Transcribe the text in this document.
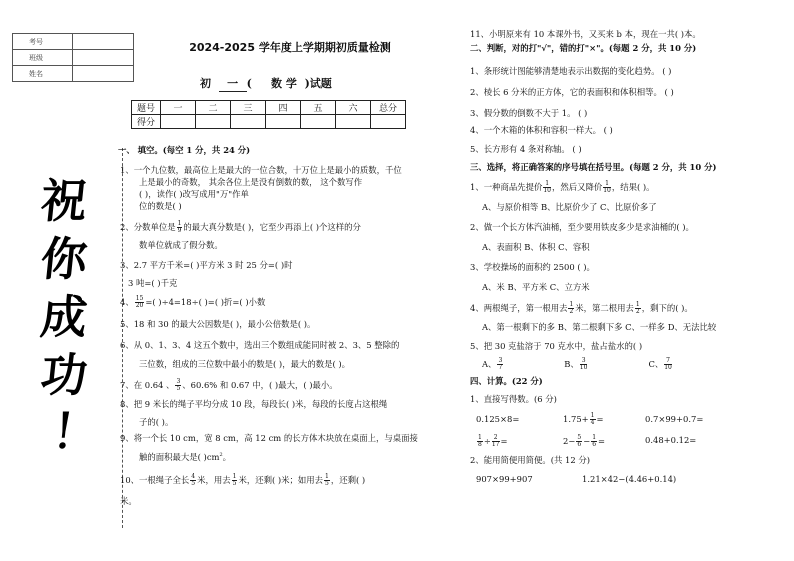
考号	
班级	
姓名	
祝
你
成
功
!
2024-2025 学年度上学期期初质量检测
初 一 ( 数 学 )试题
题号	一	二	三	四	五	六	总分
得分							
一、 填空。(每空 1 分，共 24 分)
1、一个九位数，最高位上是最大的一位合数，十万位上是最小的质数，千位
上是最小的奇数， 其余各位上是没有倒数的数， 这个数写作
( )，读作( )改写成用"万"作单
位的数是( )
2、分数单位是 $\frac{1}{9}$ 的最大真分数是( )，它至少再添上( )个这样的分
数单位就成了假分数。
3、2.7 平方千米=( )平方米 3 时 25 分=( )时
3 吨=( )千克
4、 $\frac{15}{20}$ =( )÷4=18÷( )=( )折=( )小数
5、18 和 30 的最大公因数是( )，最小公倍数是( )。
6、从 0、1、3、4 这五个数中，选出三个数组成能同时被 2、3、5 整除的
三位数，组成的三位数中最小的数是( )，最大的数是( )。
7、在 0.64 、 $\frac{3}{5}$ 、60.6% 和 0.67 中，( )最大，( )最小。
8、把 9 米长的绳子平均分成 10 段，每段长( )米，每段的长度占这根绳
子的( )。
9、将一个长 10 cm，宽 8 cm，高 12 cm 的长方体木块放在桌面上，与桌面接
触的面积最大是( )$cm^2$。
10、一根绳子全长 $\frac{4}{5}$ 米，用去 $\frac{1}{5}$ 米，还剩( )米；如用去 $\frac{1}{5}$ ，还剩( )
米。
11、小明原来有 10 本课外书，又买来 b 本，现在一共( )本。
二、判断，对的打"√"，错的打"×"。(每题 2 分，共 10 分)
1、条形统计图能够清楚地表示出数据的变化趋势。 ( )
2、棱长 6 分米的正方体，它的表面积和体积相等。 ( )
3、假分数的倒数不大于 1。 ( )
4、一个木箱的体积和容积一样大。 ( )
5、长方形有 4 条对称轴。 ( )
三、选择，将正确答案的序号填在括号里。(每题 2 分，共 10 分)
1、一种商品先提价 $\frac{1}{10}$ ，然后又降价 $\frac{1}{10}$ ，结果( )。
A、与原价相等 B、比原价少了 C、比原价多了
2、做一个长方体汽油桶，至少要用铁皮多少是求油桶的( )。
A、表面积 B、体积 C、容积
3、学校操场的面积约 2500 ( )。
A、米 B、平方米 C、立方米
4、两根绳子，第一根用去 $\frac{1}{2}$ 米，第二根用去 $\frac{1}{2}$ ，剩下的( )。
A、第一根剩下的多 B、第二根剩下多 C、一样多 D、无法比较
5、把 30 克盐溶于 70 克水中，盐占盐水的( )
A、 $\frac{3}{7}$	B、 $\frac{3}{10}$	C、 $\frac{7}{10}$
四、计算。(22 分)
1、直接写得数。(6 分)
0.125×8=	$1.75+ \frac{1}{4}$ =	0.7×99+0.7=
$\frac{1}{8} \div \frac{2}{17}$ =	$2- \frac{5}{6} - \frac{1}{6}$ =	0.48+0.12=
2、能用简便用简便。(共 12 分)
907×99+907	1.21×42−(4.46+0.14)
